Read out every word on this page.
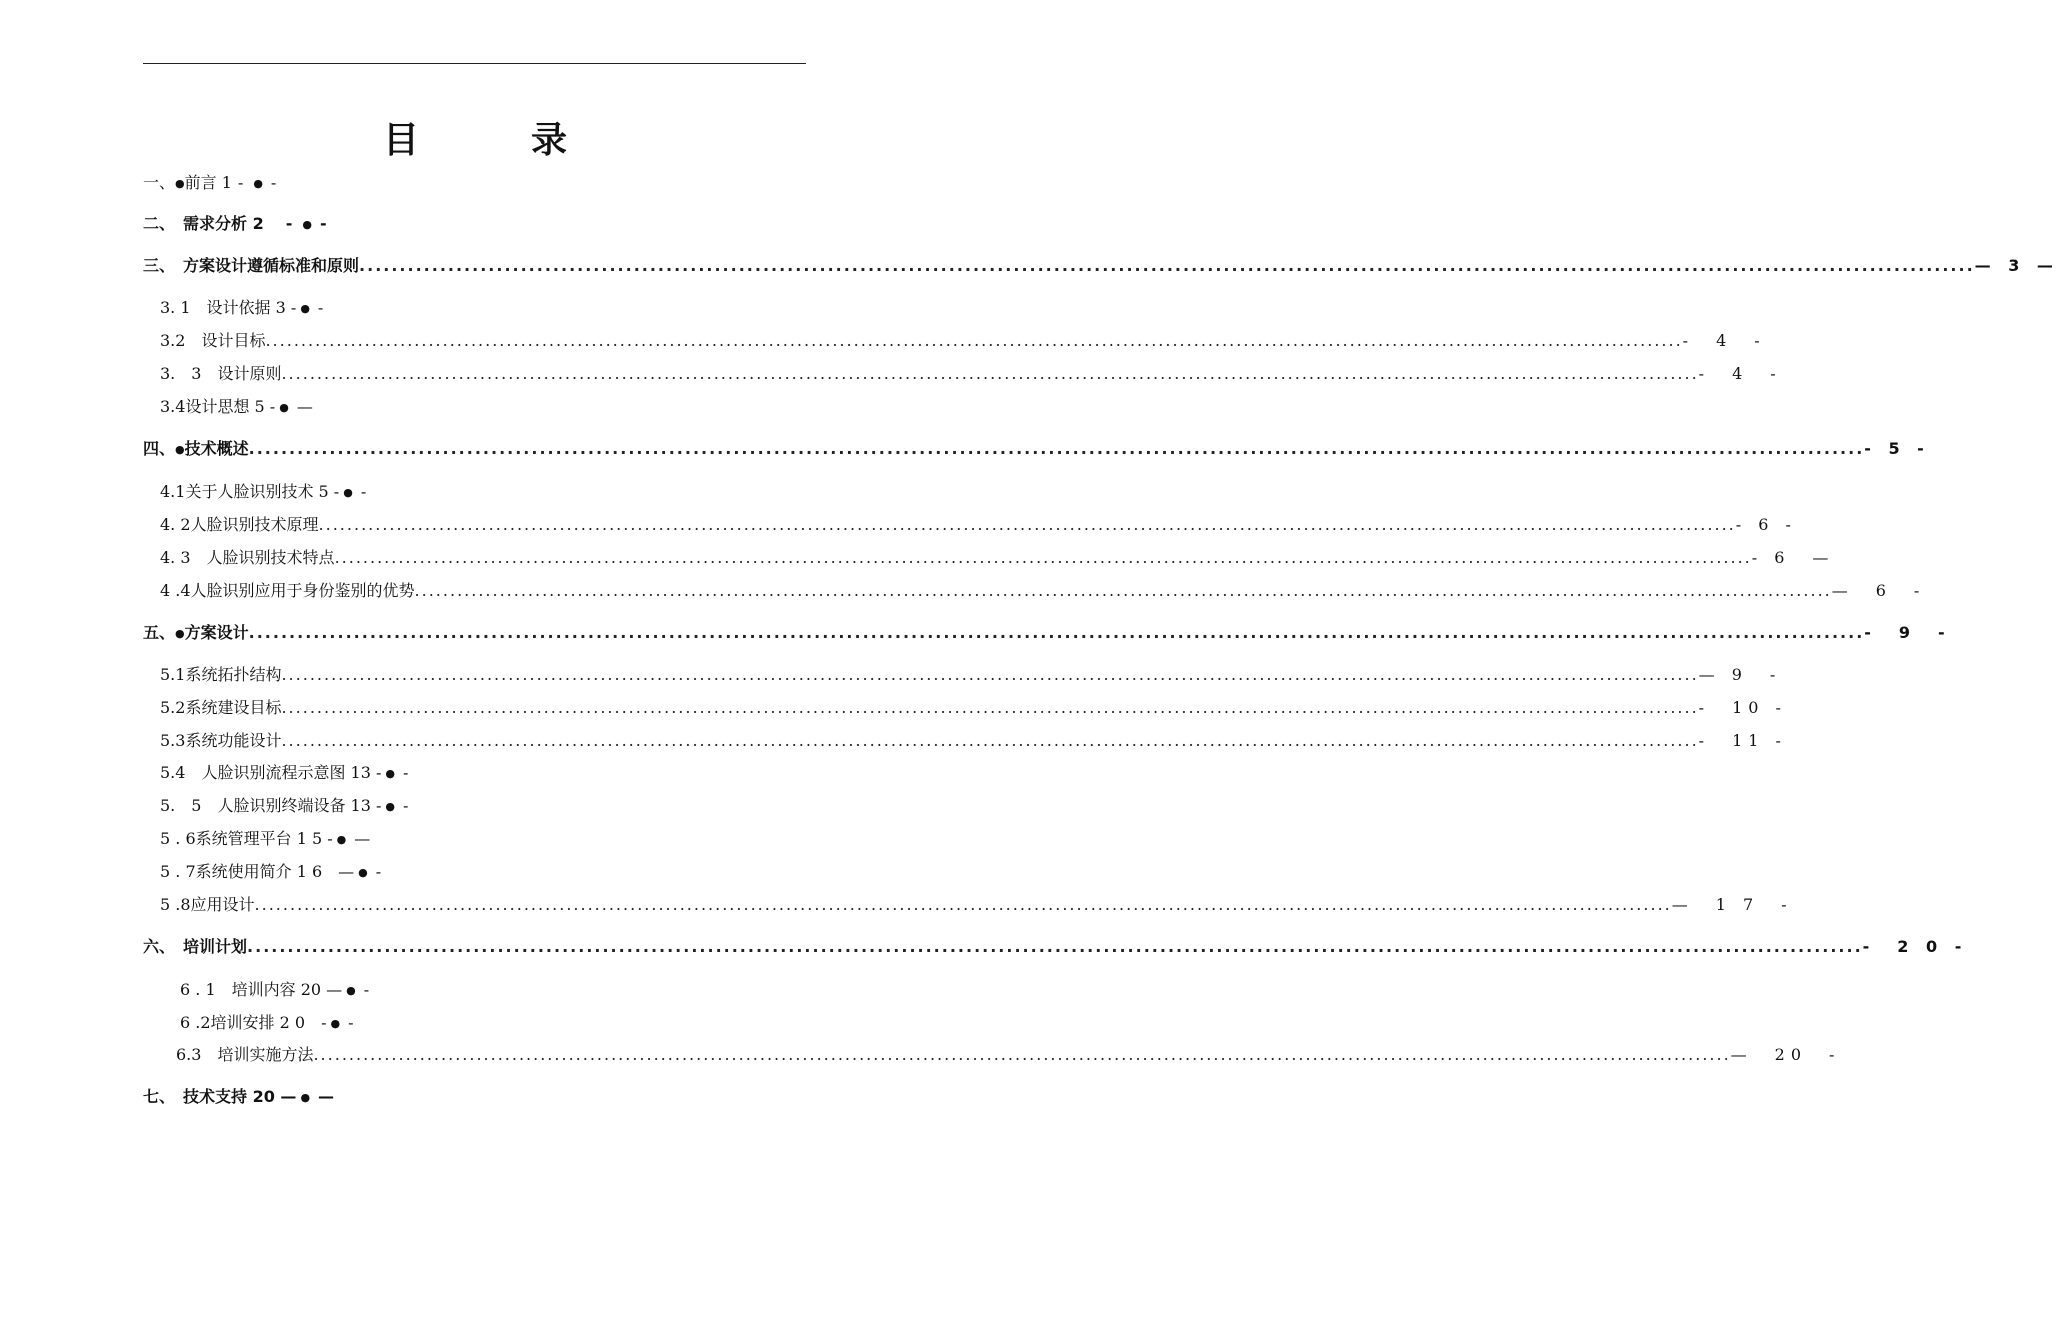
目　录
一、 ● 前言 1 - ● -
二、　 需求分析 2　 - ● -
三、　 方案设计遵循标准和原则 ........................................................................................................................................................................................................ — 3 —
3. 1　 设计依据 3 - ● -
3.2　 设计目标 ........................................................................................................................................................................................................ -　4　-
3.　3　 设计原则 ........................................................................................................................................................................................................ -　4　-
3.4 设计思想 5 - ● —
四、 ● 技术概述 ........................................................................................................................................................................................................ - 5 -
4.1 关于人脸识别技术 5 - ● -
4. 2 人脸识别技术原理 ........................................................................................................................................................................................................ - 6 -
4. 3　 人脸识别技术特点 ........................................................................................................................................................................................................ - 6　—
4 .4 人脸识别应用于身份鉴别的优势 ........................................................................................................................................................................................................ —　6　-
五、 ● 方案设计 ........................................................................................................................................................................................................ -　9　-
5.1 系统拓扑结构 ........................................................................................................................................................................................................ — 9　-
5.2 系统建设目标 ........................................................................................................................................................................................................ -　10 -
5.3 系统功能设计 ........................................................................................................................................................................................................ -　11 -
5.4　 人脸识别流程示意图 13 - ● -
5.　5　 人脸识别终端设备 13 - ● -
5 . 6 系统管理平台 1 5 - ● —
5 . 7 系统使用简介 1 6　— ● -
5 .8 应用设计 ........................................................................................................................................................................................................ —　1 7　-
六、　 培训计划 ........................................................................................................................................................................................................ -　2 0 -
6 . 1　 培训内容 20 — ● -
6 .2 培训安排 2 0　- ● -
6.3　 培训实施方法 ........................................................................................................................................................................................................ —　20　-
七、　 技术支持 20 — ● —
